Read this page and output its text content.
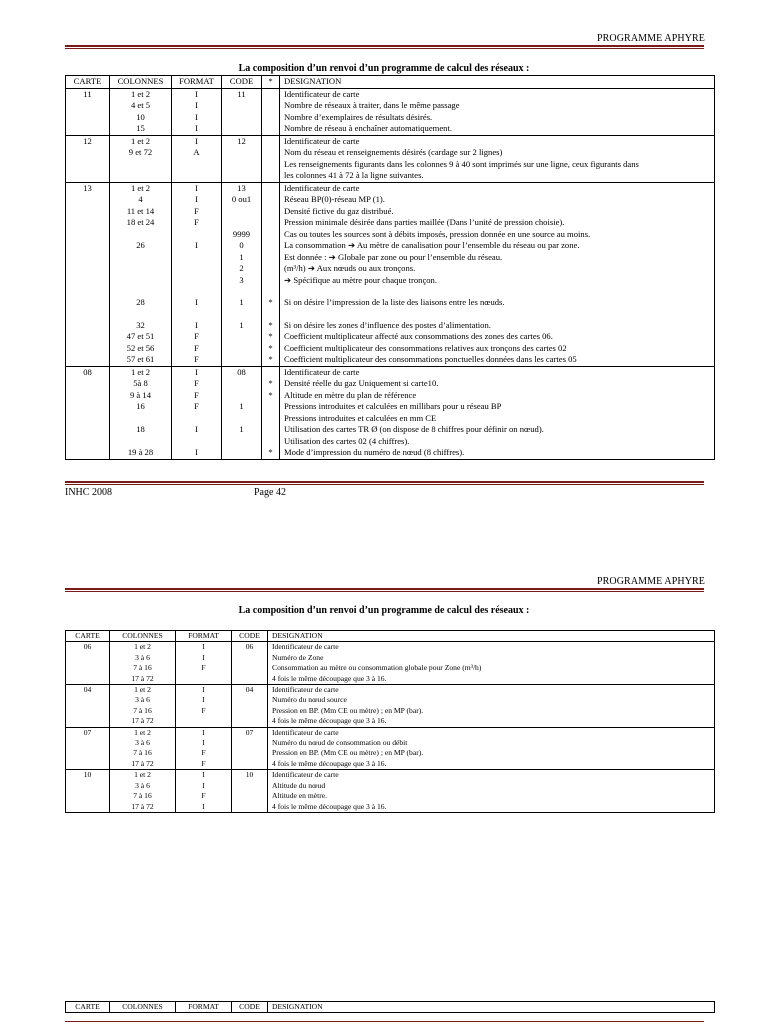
PROGRAMME APHYRE
La composition d’un renvoi d’un programme de calcul des réseaux :
CARTE	COLONNES	FORMAT	CODE	*	DESIGNATION
11	1 et 2	I	11		Identificateur de carte
	4 et 5	I			Nombre de réseaux à traiter, dans le même passage
	10	I			Nombre d’exemplaires de résultats désirés.
	15	I			Nombre de réseau à enchaîner automatiquement.
12	1 et 2	I	12		Identificateur de carte
	9 et 72	A			Nom du réseau et renseignements désirés (cardage sur 2 lignes)
					Les renseignements figurants dans les colonnes 9 à 40 sont imprimés sur une ligne, ceux figurants dans
					les colonnes 41 à 72 à la ligne suivantes.
13	1 et 2	I	13		Identificateur de carte
	4	I	0 ou1		Réseau BP(0)-réseau MP (1).
	11 et 14	F			Densité fictive du gaz distribué.
	18 et 24	F			Pression minimale désirée dans parties maillée (Dans l’unité de pression choisie).
			9999		Cas ou toutes les sources sont à débits imposés, pression donnée en une source au moins.
	26	I	0		La consommation ➔ Au mètre de canalisation pour l’ensemble du réseau ou par zone.
			1		Est donnée : ➔ Globale par zone ou pour l’ensemble du réseau.
			2		(m³/h) ➔ Aux nœuds ou aux tronçons.
			3		➔ Spécifique au mètre pour chaque tronçon.

	28	I	1	*	Si on désire l’impression de la liste des liaisons entre les nœuds.

	32	I	1	*	Si on désire les zones d’influence des postes d’alimentation.
	47 et 51	F		*	Coefficient multiplicateur affecté aux consommations des zones des cartes 06.
	52 et 56	F		*	Coefficient multiplicateur des consommations relatives aux tronçons des cartes 02
	57 et 61	F		*	Coefficient multiplicateur des consommations ponctuelles données dans les cartes 05
08	1 et 2	I	08		Identificateur de carte
	5à 8	F		*	Densité réelle du gaz Uniquement si carte10.
	9 à 14	F		*	Altitude en mètre du plan de référence
	16	F	1		Pressions introduites et calculées en millibars pour u réseau BP
					Pressions introduites et calculées en mm CE
	18	I	1		Utilisation des cartes TR Ø (on dispose de 8 chiffres pour définir on nœud).
					Utilisation des cartes 02 (4 chiffres).
	19 à 28	I		*	Mode d’impression du numéro de nœud (8 chiffres).
INHC 2008	Page 42
PROGRAMME APHYRE
La composition d’un renvoi d’un programme de calcul des réseaux :
CARTE	COLONNES	FORMAT	CODE	DESIGNATION
06	1 et 2	I	06	Identificateur de carte
	3 à 6	I		Numéro de Zone
	7 à 16	F		Consommation au mètre ou consommation globale pour Zone (m³/h)
	17 à 72			4 fois le même découpage que 3 à 16.
04	1 et 2	I	04	Identificateur de carte
	3 à 6	I		Numéro du nœud source
	7 à 16	F		Pression en BP. (Mm CE ou mètre) ; en MP (bar).
	17 à 72			4 fois le même découpage que 3 à 16.
07	1 et 2	I	07	Identificateur de carte
	3 à 6	I		Numéro du nœud de consommation ou débit
	7 à 16	F		Pression en BP. (Mm CE ou mètre) ; en MP (bar).
	17 à 72	F		4 fois le même découpage que 3 à 16.
10	1 et 2	I	10	Identificateur de carte
	3 à 6	I		Altitude du nœud
	7 à 16	F		Altitude en mètre.
	17 à 72	I		4 fois le même découpage que 3 à 16.
CARTE	COLONNES	FORMAT	CODE	DESIGNATION
